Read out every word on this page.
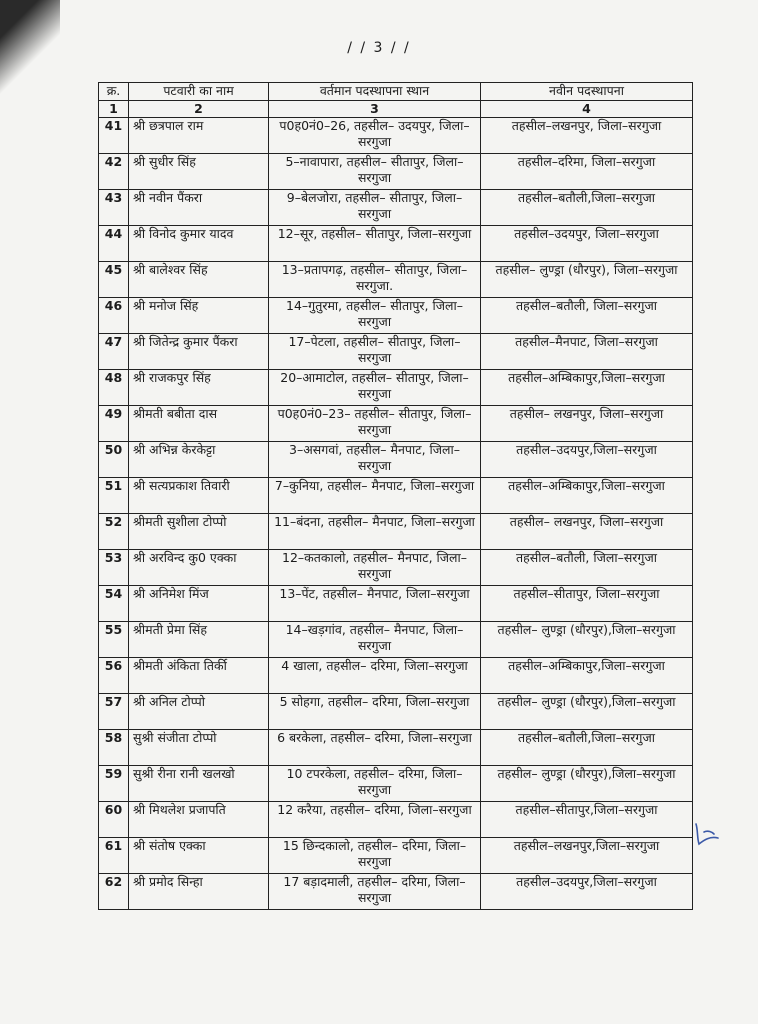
/ / 3 / /
क्र.	पटवारी का नाम	वर्तमान पदस्थापना स्थान	नवीन पदस्थापना
1	2	3	4
41	श्री छत्रपाल राम	प0ह0नं0–26, तहसील– उदयपुर, जिला–सरगुजा	तहसील–लखनपुर, जिला–सरगुजा
42	श्री सुधीर सिंह	5–नावापारा, तहसील– सीतापुर, जिला–सरगुजा	तहसील–दरिमा, जिला–सरगुजा
43	श्री नवीन पैंकरा	9–बेलजोरा, तहसील– सीतापुर, जिला–सरगुजा	तहसील–बतौली,जिला–सरगुजा
44	श्री विनोद कुमार यादव	12–सूर, तहसील– सीतापुर, जिला–सरगुजा	तहसील–उदयपुर, जिला–सरगुजा
45	श्री बालेश्वर सिंह	13–प्रतापगढ़, तहसील– सीतापुर, जिला–सरगुजा.	तहसील– लुण्ड्रा (धौरपुर), जिला–सरगुजा
46	श्री मनोज सिंह	14–गुतुरमा, तहसील– सीतापुर, जिला–सरगुजा	तहसील–बतौली, जिला–सरगुजा
47	श्री जितेन्द्र कुमार पैंकरा	17–पेटला, तहसील– सीतापुर, जिला–सरगुजा	तहसील–मैनपाट, जिला–सरगुजा
48	श्री राजकपुर सिंह	20–आमाटोल, तहसील– सीतापुर, जिला–सरगुजा	तहसील–अम्बिकापुर,जिला–सरगुजा
49	श्रीमती बबीता दास	प0ह0नं0–23– तहसील– सीतापुर, जिला–सरगुजा	तहसील– लखनपुर, जिला–सरगुजा
50	श्री अभिन्न केरकेट्टा	3–असगवां, तहसील– मैनपाट, जिला–सरगुजा	तहसील–उदयपुर,जिला–सरगुजा
51	श्री सत्यप्रकाश तिवारी	7–कुनिया, तहसील– मैनपाट, जिला–सरगुजा	तहसील–अम्बिकापुर,जिला–सरगुजा
52	श्रीमती सुशीला टोप्पो	11–बंदना, तहसील– मैनपाट, जिला–सरगुजा	तहसील– लखनपुर, जिला–सरगुजा
53	श्री अरविन्द कु0 एक्का	12–कतकालो, तहसील– मैनपाट, जिला–सरगुजा	तहसील–बतौली, जिला–सरगुजा
54	श्री अनिमेश मिंज	13–पेंट, तहसील– मैनपाट, जिला–सरगुजा	तहसील–सीतापुर, जिला–सरगुजा
55	श्रीमती प्रेमा सिंह	14–खड़गांव, तहसील– मैनपाट, जिला–सरगुजा	तहसील– लुण्ड्रा (धौरपुर),जिला–सरगुजा
56	श्रीमती अंकिता तिर्की	4 खाला, तहसील– दरिमा, जिला–सरगुजा	तहसील–अम्बिकापुर,जिला–सरगुजा
57	श्री अनिल टोप्पो	5 सोहगा, तहसील– दरिमा, जिला–सरगुजा	तहसील– लुण्ड्रा (धौरपुर),जिला–सरगुजा
58	सुश्री संजीता टोप्पो	6 बरकेला, तहसील– दरिमा, जिला–सरगुजा	तहसील–बतौली,जिला–सरगुजा
59	सुश्री रीना रानी खलखो	10 टपरकेला, तहसील– दरिमा, जिला–सरगुजा	तहसील– लुण्ड्रा (धौरपुर),जिला–सरगुजा
60	श्री मिथलेश प्रजापति	12 करैया, तहसील– दरिमा, जिला–सरगुजा	तहसील–सीतापुर,जिला–सरगुजा
61	श्री संतोष एक्का	15 छिन्दकालो, तहसील– दरिमा, जिला–सरगुजा	तहसील–लखनपुर,जिला–सरगुजा
62	श्री प्रमोद सिन्हा	17 बड़ादमाली, तहसील– दरिमा, जिला–सरगुजा	तहसील–उदयपुर,जिला–सरगुजा
